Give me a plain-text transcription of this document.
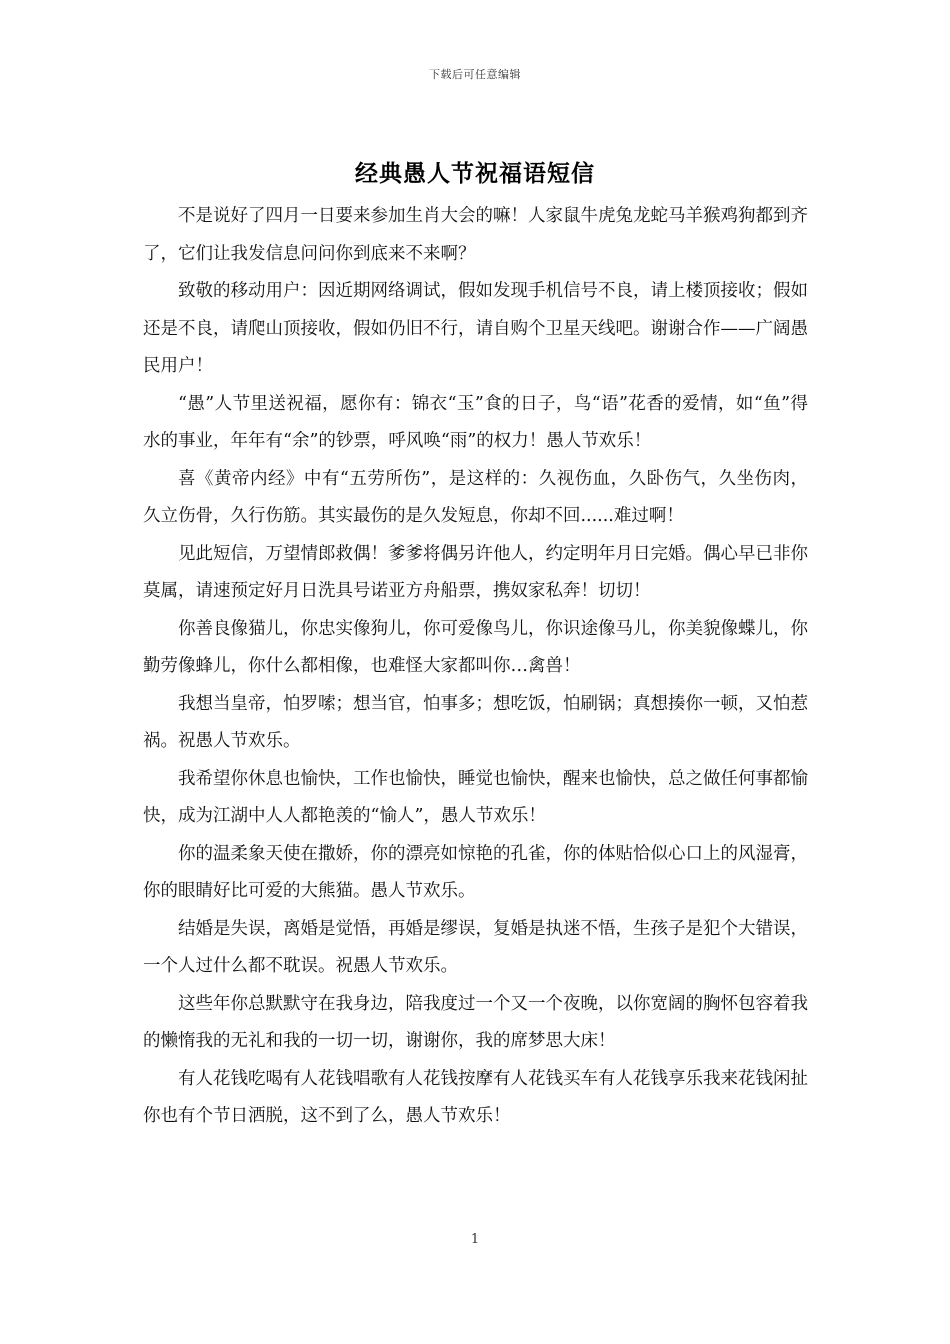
下载后可任意编辑
经典愚人节祝福语短信

不是说好了四月一日要来参加生肖大会的嘛！人家鼠牛虎兔龙蛇马羊猴鸡狗都到齐了，它们让我发信息问问你到底来不来啊？

致敬的移动用户：因近期网络调试，假如发现手机信号不良，请上楼顶接收；假如还是不良，请爬山顶接收，假如仍旧不行，请自购个卫星天线吧。谢谢合作——广阔愚民用户！

“愚”人节里送祝福，愿你有：锦衣“玉”食的日子，鸟“语”花香的爱情，如“鱼”得水的事业，年年有“余”的钞票，呼风唤“雨”的权力！愚人节欢乐！

喜《黄帝内经》中有“五劳所伤”，是这样的：久视伤血，久卧伤气，久坐伤肉，久立伤骨，久行伤筋。其实最伤的是久发短息，你却不回......难过啊！

见此短信，万望情郎救偶！爹爹将偶另许他人，约定明年月日完婚。偶心早已非你莫属，请速预定好月日洗具号诺亚方舟船票，携奴家私奔！切切！

你善良像猫儿，你忠实像狗儿，你可爱像鸟儿，你识途像马儿，你美貌像蝶儿，你勤劳像蜂儿，你什么都相像，也难怪大家都叫你…禽兽！

我想当皇帝，怕罗嗦；想当官，怕事多；想吃饭，怕刷锅；真想揍你一顿，又怕惹祸。祝愚人节欢乐。

我希望你休息也愉快，工作也愉快，睡觉也愉快，醒来也愉快，总之做任何事都愉快，成为江湖中人人都艳羡的“愉人”，愚人节欢乐！

你的温柔象天使在撒娇，你的漂亮如惊艳的孔雀，你的体贴恰似心口上的风湿膏，你的眼睛好比可爱的大熊猫。愚人节欢乐。

结婚是失误，离婚是觉悟，再婚是缪误，复婚是执迷不悟，生孩子是犯个大错误，一个人过什么都不耽误。祝愚人节欢乐。

这些年你总默默守在我身边，陪我度过一个又一个夜晚，以你宽阔的胸怀包容着我的懒惰我的无礼和我的一切一切，谢谢你，我的席梦思大床！

有人花钱吃喝有人花钱唱歌有人花钱按摩有人花钱买车有人花钱享乐我来花钱闲扯你也有个节日洒脱，这不到了么，愚人节欢乐！

1
